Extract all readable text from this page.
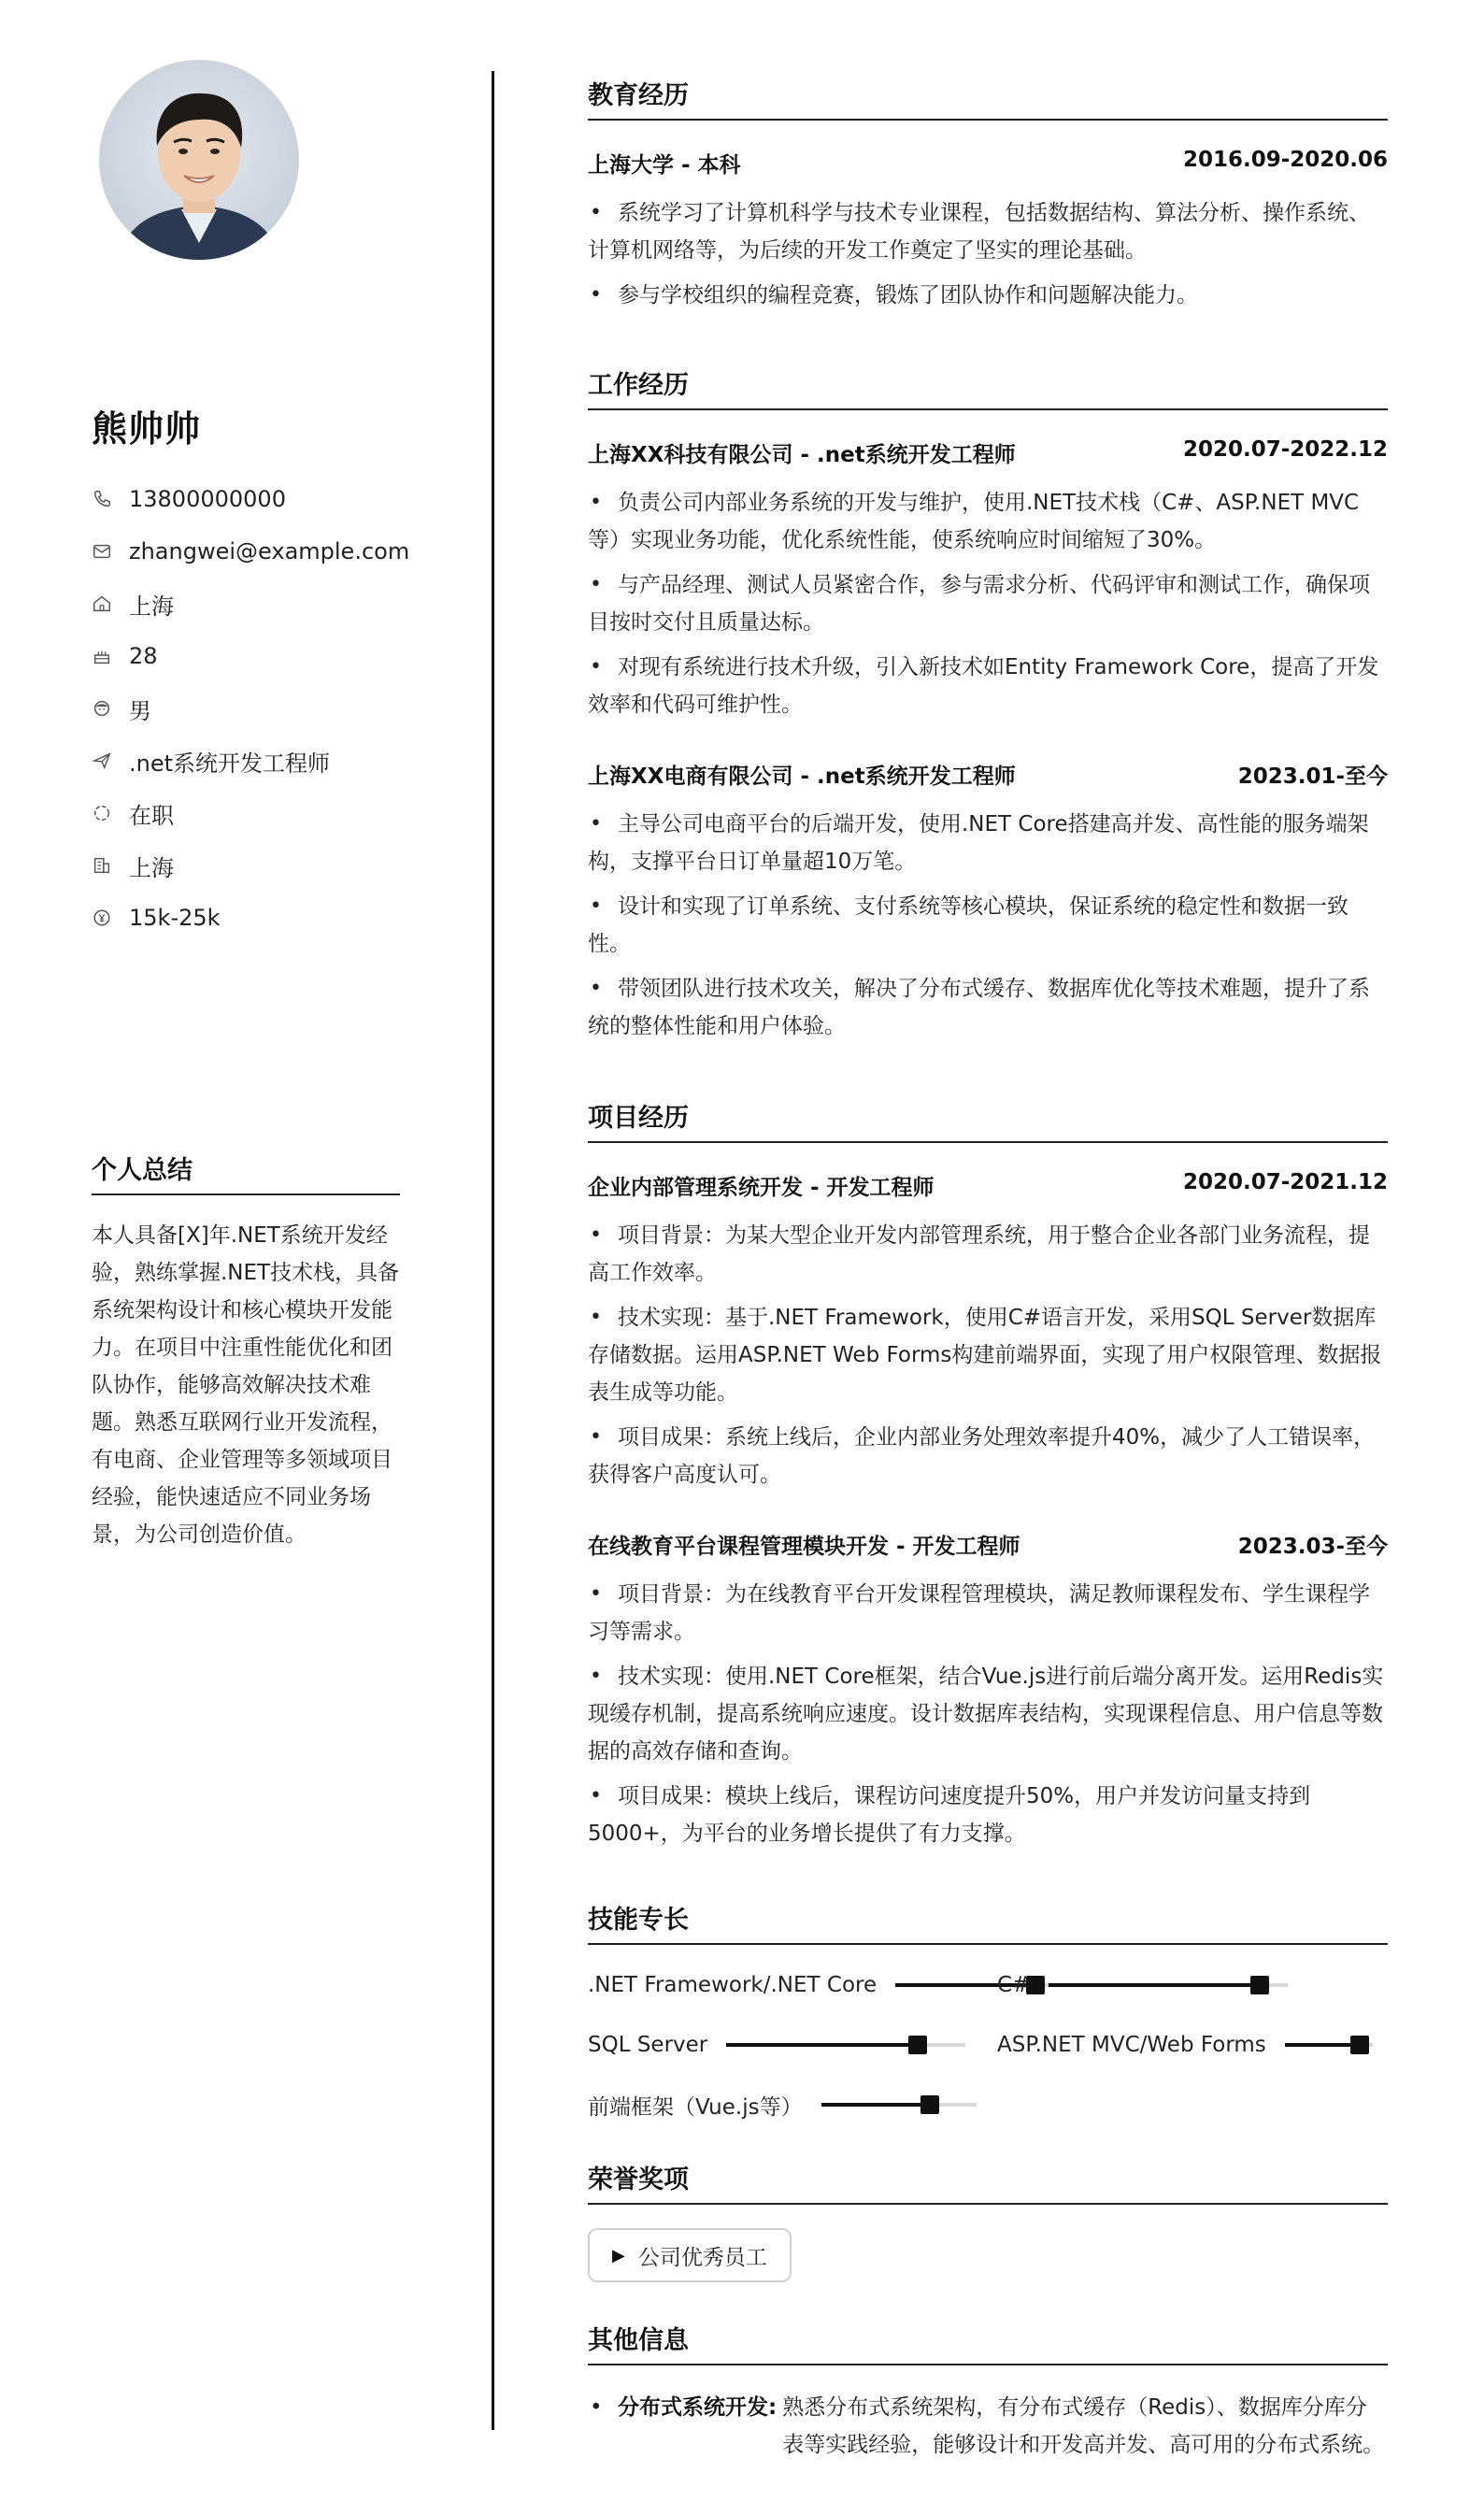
熊帅帅
13800000000
zhangwei@example.com
上海
28
男
.net系统开发工程师
在职
上海
15k-25k
个人总结
本人具备[X]年.NET系统开发经验，熟练掌握.NET技术栈，具备系统架构设计和核心模块开发能力。在项目中注重性能优化和团队协作，能够高效解决技术难题。熟悉互联网行业开发流程，有电商、企业管理等多领域项目经验，能快速适应不同业务场景，为公司创造价值。
教育经历
上海大学 - 本科	2016.09-2020.06
• 系统学习了计算机科学与技术专业课程，包括数据结构、算法分析、操作系统、计算机网络等，为后续的开发工作奠定了坚实的理论基础。
• 参与学校组织的编程竞赛，锻炼了团队协作和问题解决能力。
工作经历
上海XX科技有限公司 - .net系统开发工程师	2020.07-2022.12
• 负责公司内部业务系统的开发与维护，使用.NET技术栈（C#、ASP.NET MVC等）实现业务功能，优化系统性能，使系统响应时间缩短了30%。
• 与产品经理、测试人员紧密合作，参与需求分析、代码评审和测试工作，确保项目按时交付且质量达标。
• 对现有系统进行技术升级，引入新技术如Entity Framework Core，提高了开发效率和代码可维护性。
上海XX电商有限公司 - .net系统开发工程师	2023.01-至今
• 主导公司电商平台的后端开发，使用.NET Core搭建高并发、高性能的服务端架构，支撑平台日订单量超10万笔。
• 设计和实现了订单系统、支付系统等核心模块，保证系统的稳定性和数据一致性。
• 带领团队进行技术攻关，解决了分布式缓存、数据库优化等技术难题，提升了系统的整体性能和用户体验。
项目经历
企业内部管理系统开发 - 开发工程师	2020.07-2021.12
• 项目背景：为某大型企业开发内部管理系统，用于整合企业各部门业务流程，提高工作效率。
• 技术实现：基于.NET Framework，使用C#语言开发，采用SQL Server数据库存储数据。运用ASP.NET Web Forms构建前端界面，实现了用户权限管理、数据报表生成等功能。
• 项目成果：系统上线后，企业内部业务处理效率提升40%，减少了人工错误率，获得客户高度认可。
在线教育平台课程管理模块开发 - 开发工程师	2023.03-至今
• 项目背景：为在线教育平台开发课程管理模块，满足教师课程发布、学生课程学习等需求。
• 技术实现：使用.NET Core框架，结合Vue.js进行前后端分离开发。运用Redis实现缓存机制，提高系统响应速度。设计数据库表结构，实现课程信息、用户信息等数据的高效存储和查询。
• 项目成果：模块上线后，课程访问速度提升50%，用户并发访问量支持到5000+，为平台的业务增长提供了有力支撑。
技能专长
.NET Framework/.NET Core	C#
SQL Server	ASP.NET MVC/Web Forms
前端框架（Vue.js等）
荣誉奖项
▶ 公司优秀员工
其他信息
• 分布式系统开发: 熟悉分布式系统架构，有分布式缓存（Redis）、数据库分库分表等实践经验，能够设计和开发高并发、高可用的分布式系统。
